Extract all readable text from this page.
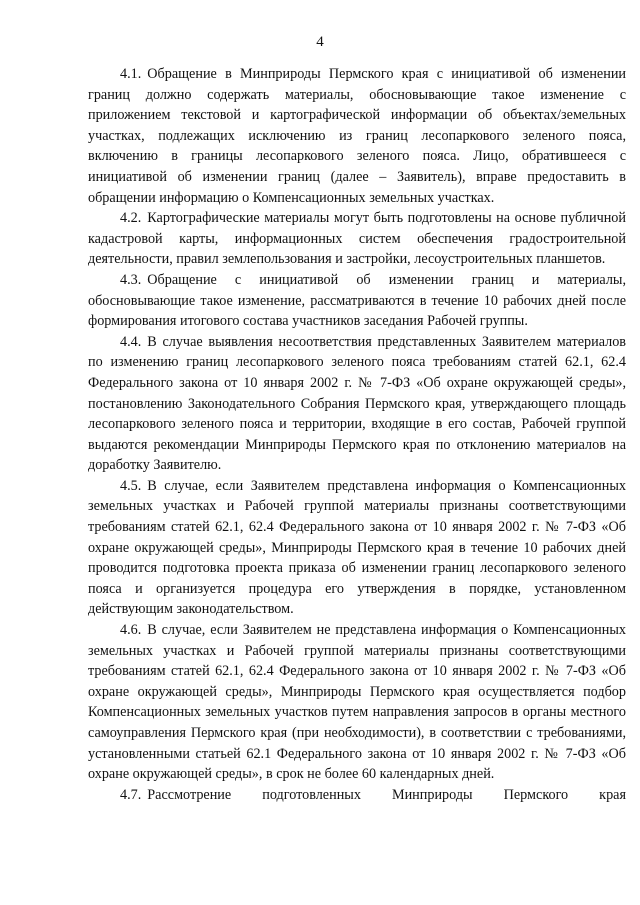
4

4.1. Обращение в Минприроды Пермского края с инициативой об изменении границ должно содержать материалы, обосновывающие такое изменение с приложением текстовой и картографической информации об объектах/земельных участках, подлежащих исключению из границ лесопаркового зеленого пояса, включению в границы лесопаркового зеленого пояса. Лицо, обратившееся с инициативой об изменении границ (далее – Заявитель), вправе предоставить в обращении информацию о Компенсационных земельных участках.

4.2. Картографические материалы могут быть подготовлены на основе публичной кадастровой карты, информационных систем обеспечения градостроительной деятельности, правил землепользования и застройки, лесоустроительных планшетов.

4.3. Обращение с инициативой об изменении границ и материалы, обосновывающие такое изменение, рассматриваются в течение 10 рабочих дней после формирования итогового состава участников заседания Рабочей группы.

4.4. В случае выявления несоответствия представленных Заявителем материалов по изменению границ лесопаркового зеленого пояса требованиям статей 62.1, 62.4 Федерального закона от 10 января 2002 г. № 7-ФЗ «Об охране окружающей среды», постановлению Законодательного Собрания Пермского края, утверждающего площадь лесопаркового зеленого пояса и территории, входящие в его состав, Рабочей группой выдаются рекомендации Минприроды Пермского края по отклонению материалов на доработку Заявителю.

4.5. В случае, если Заявителем представлена информация о Компенсационных земельных участках и Рабочей группой материалы признаны соответствующими требованиям статей 62.1, 62.4 Федерального закона от 10 января 2002 г. № 7-ФЗ «Об охране окружающей среды», Минприроды Пермского края в течение 10 рабочих дней проводится подготовка проекта приказа об изменении границ лесопаркового зеленого пояса и организуется процедура его утверждения в порядке, установленном действующим законодательством.

4.6. В случае, если Заявителем не представлена информация о Компенсационных земельных участках и Рабочей группой материалы признаны соответствующими требованиям статей 62.1, 62.4 Федерального закона от 10 января 2002 г. № 7-ФЗ «Об охране окружающей среды», Минприроды Пермского края осуществляется подбор Компенсационных земельных участков путем направления запросов в органы местного самоуправления Пермского края (при необходимости), в соответствии с требованиями, установленными статьей 62.1 Федерального закона от 10 января 2002 г. № 7-ФЗ «Об охране окружающей среды», в срок не более 60 календарных дней.

4.7. Рассмотрение подготовленных Минприроды Пермского края
